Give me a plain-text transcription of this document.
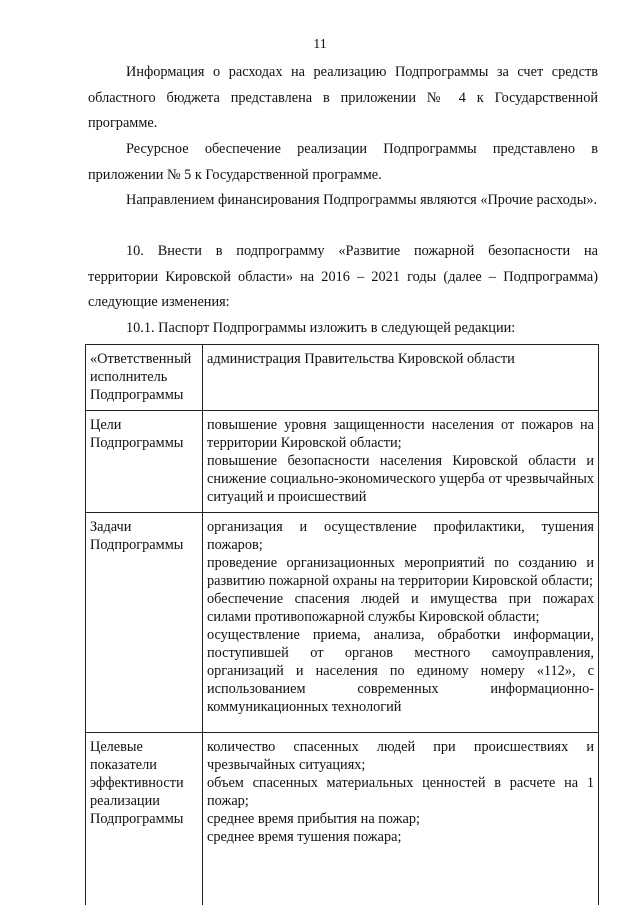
11

Информация о расходах на реализацию Подпрограммы за счет средств областного бюджета представлена в приложении № 4 к Государственной программе.

Ресурсное обеспечение реализации Подпрограммы представлено в приложении № 5 к Государственной программе.

Направлением финансирования Подпрограммы являются «Прочие расходы».

10. Внести в подпрограмму «Развитие пожарной безопасности на территории Кировской области» на 2016 – 2021 годы (далее – Подпрограмма) следующие изменения:

10.1. Паспорт Подпрограммы изложить в следующей редакции:

«Ответственный исполнитель Подпрограммы	администрация Правительства Кировской области

Цели Подпрограммы	повышение уровня защищенности населения от пожаров на территории Кировской области;
повышение безопасности населения Кировской области и снижение социально-экономического ущерба от чрезвычайных ситуаций и происшествий

Задачи Подпрограммы	организация и осуществление профилактики, тушения пожаров;
проведение организационных мероприятий по созданию и развитию пожарной охраны на территории Кировской области;
обеспечение спасения людей и имущества при пожарах силами противопожарной службы Кировской области;
осуществление приема, анализа, обработки информации, поступившей от органов местного самоуправления, организаций и населения по единому номеру «112», с использованием современных информационно-коммуникационных технологий

Целевые показатели эффективности реализации Подпрограммы	количество спасенных людей при происшествиях и чрезвычайных ситуациях;
объем спасенных материальных ценностей в расчете на 1 пожар;
среднее время прибытия на пожар;
среднее время тушения пожара;
